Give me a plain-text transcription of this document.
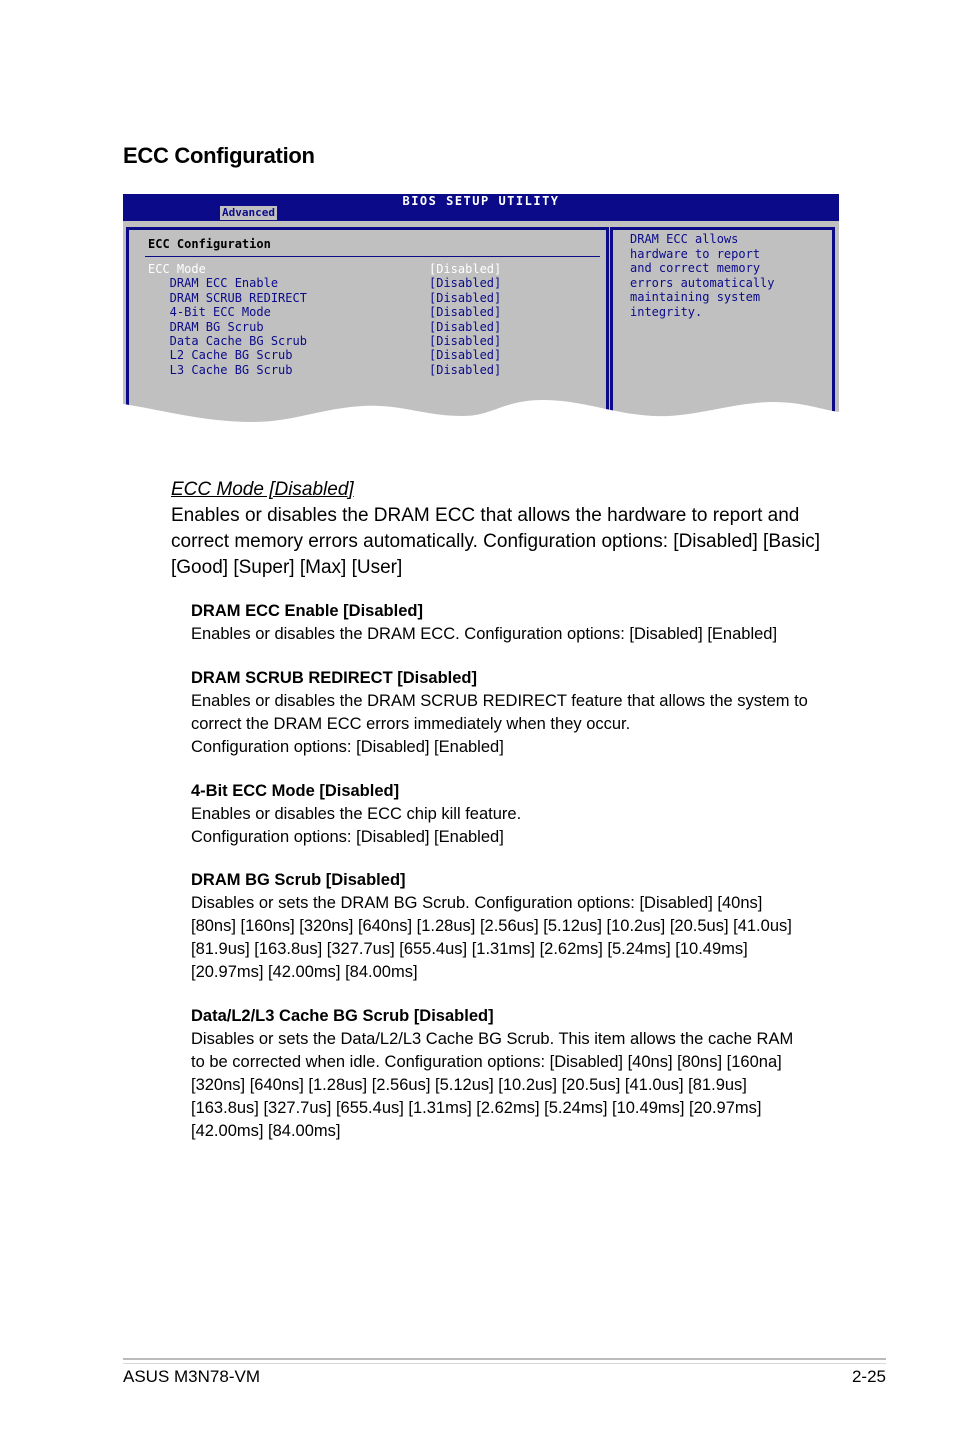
ECC Configuration
BIOS SETUP UTILITY
Advanced
ECC Configuration
ECC Mode	[Disabled]
DRAM ECC Enable	[Disabled]
DRAM SCRUB REDIRECT	[Disabled]
4-Bit ECC Mode	[Disabled]
DRAM BG Scrub	[Disabled]
Data Cache BG Scrub	[Disabled]
L2 Cache BG Scrub	[Disabled]
L3 Cache BG Scrub	[Disabled]
DRAM ECC allows
hardware to report
and correct memory
errors automatically
maintaining system
integrity.
ECC Mode [Disabled]
Enables or disables the DRAM ECC that allows the hardware to report and correct memory errors automatically. Configuration options: [Disabled] [Basic] [Good] [Super] [Max] [User]
DRAM ECC Enable [Disabled]
Enables or disables the DRAM ECC. Configuration options: [Disabled] [Enabled]
DRAM SCRUB REDIRECT [Disabled]
Enables or disables the DRAM SCRUB REDIRECT feature that allows the system to
correct the DRAM ECC errors immediately when they occur.
Configuration options: [Disabled] [Enabled]
4-Bit ECC Mode [Disabled]
Enables or disables the ECC chip kill feature.
Configuration options: [Disabled] [Enabled]
DRAM BG Scrub [Disabled]
Disables or sets the DRAM BG Scrub. Configuration options: [Disabled] [40ns]
[80ns] [160ns] [320ns] [640ns] [1.28us] [2.56us] [5.12us] [10.2us] [20.5us] [41.0us]
[81.9us] [163.8us] [327.7us] [655.4us] [1.31ms] [2.62ms] [5.24ms] [10.49ms]
[20.97ms] [42.00ms] [84.00ms]
Data/L2/L3 Cache BG Scrub [Disabled]
Disables or sets the Data/L2/L3 Cache BG Scrub. This item allows the cache RAM
to be corrected when idle. Configuration options: [Disabled] [40ns] [80ns] [160na]
[320ns] [640ns] [1.28us] [2.56us] [5.12us] [10.2us] [20.5us] [41.0us] [81.9us]
[163.8us] [327.7us] [655.4us] [1.31ms] [2.62ms] [5.24ms] [10.49ms] [20.97ms]
[42.00ms] [84.00ms]
ASUS M3N78-VM	2-25
